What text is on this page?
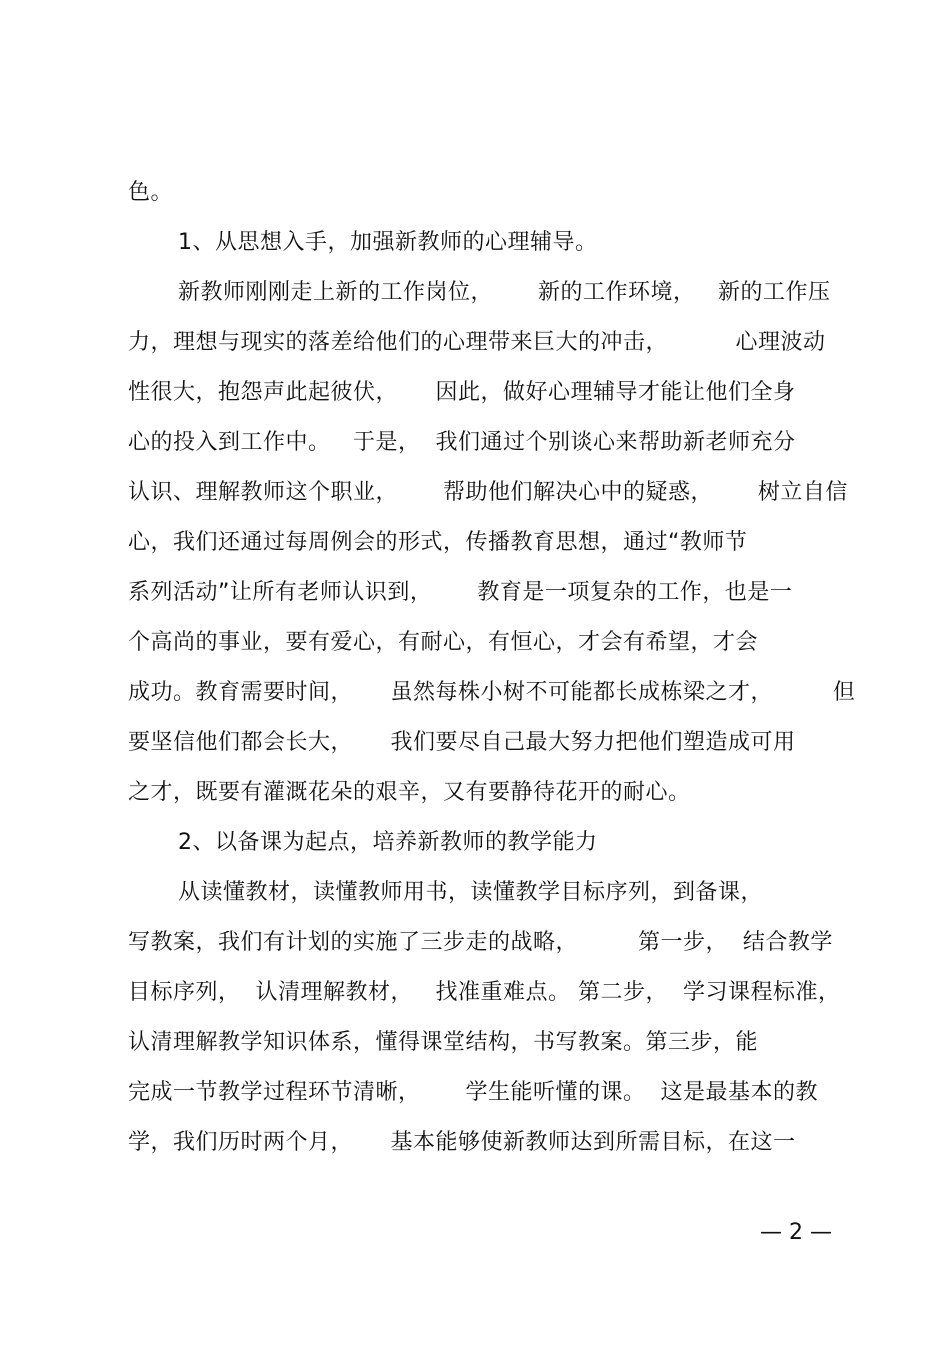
色。
1、从思想入手，加强新教师的心理辅导。
新教师刚刚走上新的工作岗位，      新的工作环境，   新的工作压
力，理想与现实的落差给他们的心理带来巨大的冲击，         心理波动
性很大，抱怨声此起彼伏，     因此，做好心理辅导才能让他们全身
心的投入到工作中。   于是，  我们通过个别谈心来帮助新老师充分
认识、理解教师这个职业，      帮助他们解决心中的疑惑，      树立自信
心，我们还通过每周例会的形式，传播教育思想，通过“教师节
系列活动”让所有老师认识到，      教育是一项复杂的工作，也是一
个高尚的事业，要有爱心，有耐心，有恒心，才会有希望，才会
成功。教育需要时间，     虽然每株小树不可能都长成栋梁之才，        但
要坚信他们都会长大，     我们要尽自己最大努力把他们塑造成可用
之才，既要有灌溉花朵的艰辛，又有要静待花开的耐心。
2、以备课为起点，培养新教师的教学能力
从读懂教材，读懂教师用书，读懂教学目标序列，到备课，
写教案，我们有计划的实施了三步走的战略，        第一步，  结合教学
目标序列，  认清理解教材，   找准重难点。 第二步，  学习课程标准，
认清理解教学知识体系，懂得课堂结构，书写教案。第三步，能
完成一节教学过程环节清晰，      学生能听懂的课。  这是最基本的教
学，我们历时两个月，     基本能够使新教师达到所需目标，在这一
— 2 —
